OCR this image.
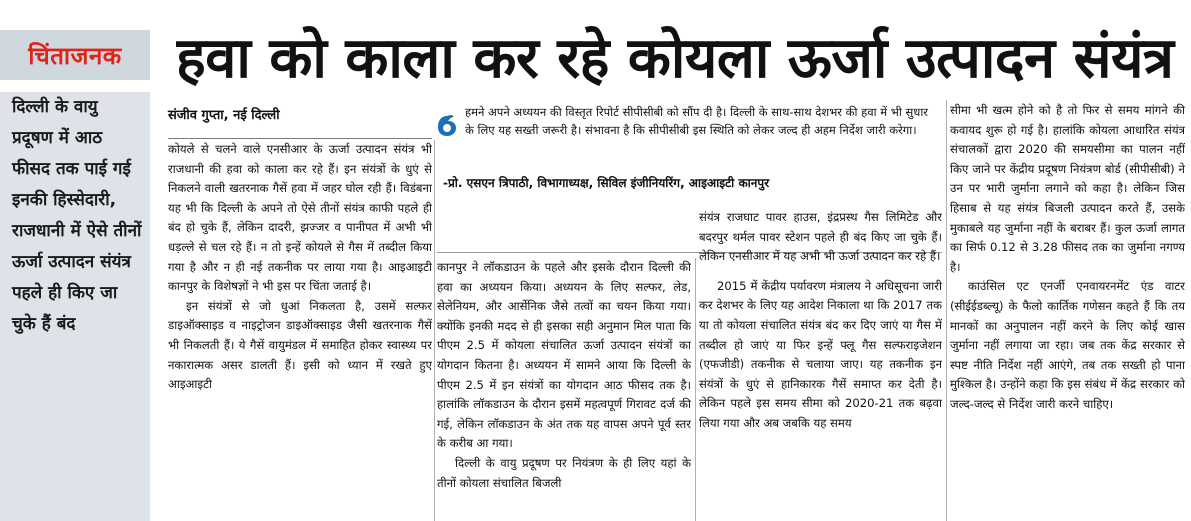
चिंताजनक हवा को काला कर रहे कोयला ऊर्जा उत्पादन संयंत्र
दिल्ली के वायु प्रदूषण में आठ फीसद तक पाई गई इनकी हिस्सेदारी, राजधानी में ऐसे तीनों ऊर्जा उत्पादन संयंत्र पहले ही किए जा चुके हैं बंद
संजीव गुप्ता, नई दिल्ली

कोयले से चलने वाले एनसीआर के ऊर्जा उत्पादन संयंत्र भी राजधानी की हवा को काला कर रहे हैं। इन संयंत्रों के धुएं से निकलने वाली खतरनाक गैसें हवा में जहर घोल रही हैं। विडंबना यह भी कि दिल्ली के अपने तो ऐसे तीनों संयंत्र काफी पहले ही बंद हो चुके हैं, लेकिन दादरी, झज्जर व पानीपत में अभी भी धड़ल्ले से चल रहे हैं। न तो इन्हें कोयले से गैस में तब्दील किया गया है और न ही नई तकनीक पर लाया गया है। आइआइटी कानपुर के विशेषज्ञों ने भी इस पर चिंता जताई है।

इन संयंत्रों से जो धुआं निकलता है, उसमें सल्फर डाइऑक्साइड व नाइट्रोजन डाइऑक्साइड जैसी खतरनाक गैसें भी निकलती हैं। ये गैसें वायुमंडल में समाहित होकर स्वास्थ्य पर नकारात्मक असर डालती हैं। इसी को ध्यान में रखते हुए आइआइटी

हमने अपने अध्ययन की विस्तृत रिपोर्ट सीपीसीबी को सौंप दी है। दिल्ली के साथ-साथ देशभर की हवा में भी सुधार के लिए यह सख्ती जरूरी है। संभावना है कि सीपीसीबी इस स्थिति को लेकर जल्द ही अहम निर्देश जारी करेगा।
-प्रो. एसएन त्रिपाठी, विभागाध्यक्ष, सिविल इंजीनियरिंग, आइआइटी कानपुर

कानपुर ने लॉकडाउन के पहले और इसके दौरान दिल्ली की हवा का अध्ययन किया। अध्ययन के लिए सल्फर, लेड, सेलेनियम, और आर्सेनिक जैसे तत्वों का चयन किया गया। क्योंकि इनकी मदद से ही इसका सही अनुमान मिल पाता कि पीएम 2.5 में कोयला संचालित ऊर्जा उत्पादन संयंत्रों का योगदान कितना है। अध्ययन में सामने आया कि दिल्ली के पीएम 2.5 में इन संयंत्रों का योगदान आठ फीसद तक है। हालांकि लॉकडाउन के दौरान इसमें महत्वपूर्ण गिरावट दर्ज की गई, लेकिन लॉकडाउन के अंत तक यह वापस अपने पूर्व स्तर के करीब आ गया।

दिल्ली के वायु प्रदूषण पर नियंत्रण के ही लिए यहां के तीनों कोयला संचालित बिजली

संयंत्र राजघाट पावर हाउस, इंद्रप्रस्थ गैस लिमिटेड और बदरपुर थर्मल पावर स्टेशन पहले ही बंद किए जा चुके हैं। लेकिन एनसीआर में यह अभी भी ऊर्जा उत्पादन कर रहे हैं।

2015 में केंद्रीय पर्यावरण मंत्रालय ने अधिसूचना जारी कर देशभर के लिए यह आदेश निकाला था कि 2017 तक या तो कोयला संचालित संयंत्र बंद कर दिए जाएं या गैस में तब्दील हो जाएं या फिर इन्हें फ्लू गैस सल्फराइजेशन (एफजीडी) तकनीक से चलाया जाए। यह तकनीक इन संयंत्रों के धुएं से हानिकारक गैसें समाप्त कर देती है। लेकिन पहले इस समय सीमा को 2020-21 तक बढ़वा लिया गया और अब जबकि यह समय

सीमा भी खत्म होने को है तो फिर से समय मांगने की कवायद शुरू हो गई है। हालांकि कोयला आधारित संयंत्र संचालकों द्वारा 2020 की समयसीमा का पालन नहीं किए जाने पर केंद्रीय प्रदूषण नियंत्रण बोर्ड (सीपीसीबी) ने उन पर भारी जुर्माना लगाने को कहा है। लेकिन जिस हिसाब से यह संयंत्र बिजली उत्पादन करते हैं, उसके मुकाबले यह जुर्माना नहीं के बराबर हैं। कुल ऊर्जा लागत का सिर्फ 0.12 से 3.28 फीसद तक का जुर्माना नगण्य है।

काउंसिल एट एनर्जी एनवायरनमेंट एंड वाटर (सीईईडब्ल्यू) के फैलो कार्तिक गणेसन कहते हैं कि तय मानकों का अनुपालन नहीं करने के लिए कोई खास जुर्माना नहीं लगाया जा रहा। जब तक केंद्र सरकार से स्पष्ट नीति निर्देश नहीं आएंगे, तब तक सख्ती हो पाना मुश्किल है। उन्होंने कहा कि इस संबंध में केंद्र सरकार को जल्द-जल्द से निर्देश जारी करने चाहिए।
